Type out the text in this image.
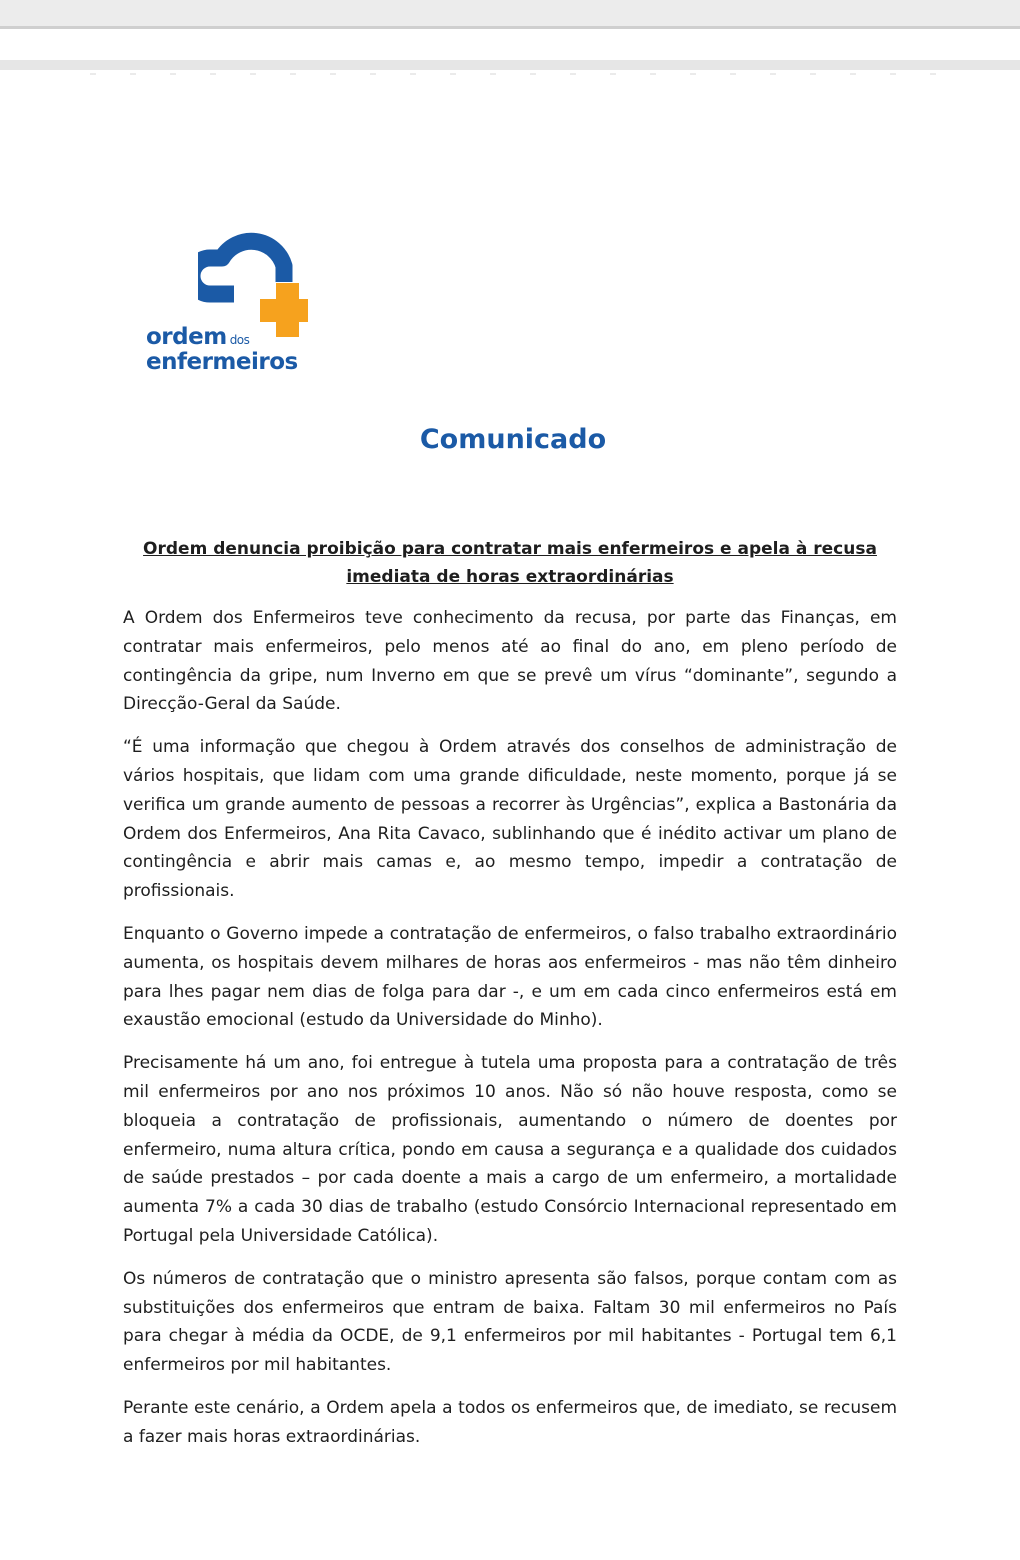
ordem dos
enfermeiros
Comunicado
Ordem denuncia proibição para contratar mais enfermeiros e apela à recusa imediata de horas extraordinárias

A Ordem dos Enfermeiros teve conhecimento da recusa, por parte das Finanças, em contratar mais enfermeiros, pelo menos até ao final do ano, em pleno período de contingência da gripe, num Inverno em que se prevê um vírus “dominante”, segundo a Direcção-Geral da Saúde.

“É uma informação que chegou à Ordem através dos conselhos de administração de vários hospitais, que lidam com uma grande dificuldade, neste momento, porque já se verifica um grande aumento de pessoas a recorrer às Urgências”, explica a Bastonária da Ordem dos Enfermeiros, Ana Rita Cavaco, sublinhando que é inédito activar um plano de contingência e abrir mais camas e, ao mesmo tempo, impedir a contratação de profissionais.

Enquanto o Governo impede a contratação de enfermeiros, o falso trabalho extraordinário aumenta, os hospitais devem milhares de horas aos enfermeiros - mas não têm dinheiro para lhes pagar nem dias de folga para dar -, e um em cada cinco enfermeiros está em exaustão emocional (estudo da Universidade do Minho).

Precisamente há um ano, foi entregue à tutela uma proposta para a contratação de três mil enfermeiros por ano nos próximos 10 anos. Não só não houve resposta, como se bloqueia a contratação de profissionais, aumentando o número de doentes por enfermeiro, numa altura crítica, pondo em causa a segurança e a qualidade dos cuidados de saúde prestados – por cada doente a mais a cargo de um enfermeiro, a mortalidade aumenta 7% a cada 30 dias de trabalho (estudo Consórcio Internacional representado em Portugal pela Universidade Católica).

Os números de contratação que o ministro apresenta são falsos, porque contam com as substituições dos enfermeiros que entram de baixa. Faltam 30 mil enfermeiros no País para chegar à média da OCDE, de 9,1 enfermeiros por mil habitantes - Portugal tem 6,1 enfermeiros por mil habitantes.

Perante este cenário, a Ordem apela a todos os enfermeiros que, de imediato, se recusem a fazer mais horas extraordinárias.
